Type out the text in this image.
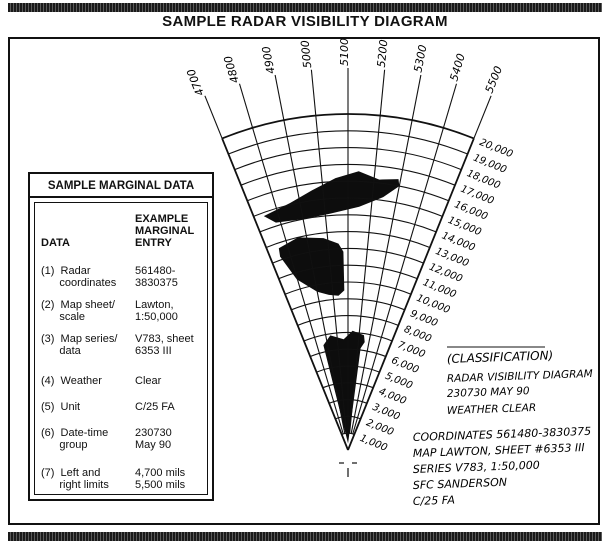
SAMPLE RADAR VISIBILITY DIAGRAM
4700 4800 4900 5000 5100 5200 5300 5400 5500
1,000
2,000
3,000
4,000
5,000
6,000
7,000
8,000
9,000
10,000
11,000
12,000
13,000
14,000
15,000
16,000
17,000
18,000
19,000
20,000
SAMPLE MARGINAL DATA
DATA
EXAMPLE
MARGINAL
ENTRY
(1)  Radar
coordinates
561480-
3830375
(2)  Map sheet/
scale
Lawton,
1:50,000
(3)  Map series/
data
V783, sheet
6353 III
(4)  Weather	Clear
(5)  Unit	C/25 FA
(6)  Date-time
group
230730
May 90
(7)  Left and
right limits
4,700 mils
5,500 mils
(CLASSIFICATION)
RADAR VISIBILITY DIAGRAM
230730 MAY 90
WEATHER CLEAR
COORDINATES 561480-3830375
MAP LAWTON, SHEET #6353 III
SERIES V783, 1:50,000
SFC SANDERSON
C/25 FA
